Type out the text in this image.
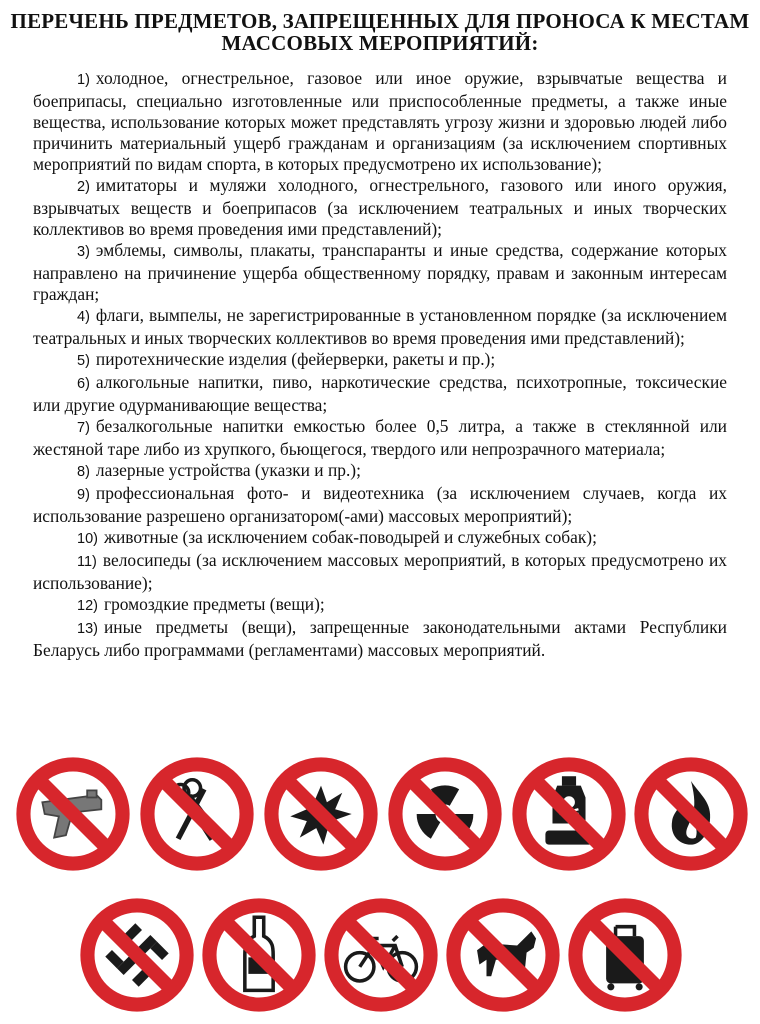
ПЕРЕЧЕНЬ ПРЕДМЕТОВ, ЗАПРЕЩЕННЫХ ДЛЯ ПРОНОСА К МЕСТАМ
МАССОВЫХ МЕРОПРИЯТИЙ:

1) холодное, огнестрельное, газовое или иное оружие, взрывчатые вещества и боеприпасы, специально изготовленные или приспособленные предметы, а также иные вещества, использование которых может представлять угрозу жизни и здоровью людей либо причинить материальный ущерб гражданам и организациям (за исключением спортивных мероприятий по видам спорта, в которых предусмотрено их использование);

2) имитаторы и муляжи холодного, огнестрельного, газового или иного оружия, взрывчатых веществ и боеприпасов (за исключением театральных и иных творческих коллективов во время проведения ими представлений);

3) эмблемы, символы, плакаты, транспаранты и иные средства, содержание которых направлено на причинение ущерба общественному порядку, правам и законным интересам граждан;

4) флаги, вымпелы, не зарегистрированные в установленном порядке (за исключением театральных и иных творческих коллективов во время проведения ими представлений);

5) пиротехнические изделия (фейерверки, ракеты и пр.);

6) алкогольные напитки, пиво, наркотические средства, психотропные, токсические или другие одурманивающие вещества;

7) безалкогольные напитки емкостью более 0,5 литра, а также в стеклянной или жестяной таре либо из хрупкого, бьющегося, твердого или непрозрачного материала;

8) лазерные устройства (указки и пр.);

9) профессиональная фото- и видеотехника (за исключением случаев, когда их использование разрешено организатором(-ами) массовых мероприятий);

10) животные (за исключением собак-поводырей и служебных собак);

11) велосипеды (за исключением массовых мероприятий, в которых предусмотрено их использование);

12) громоздкие предметы (вещи);

13) иные предметы (вещи), запрещенные законодательными актами Республики Беларусь либо программами (регламентами) массовых мероприятий.
